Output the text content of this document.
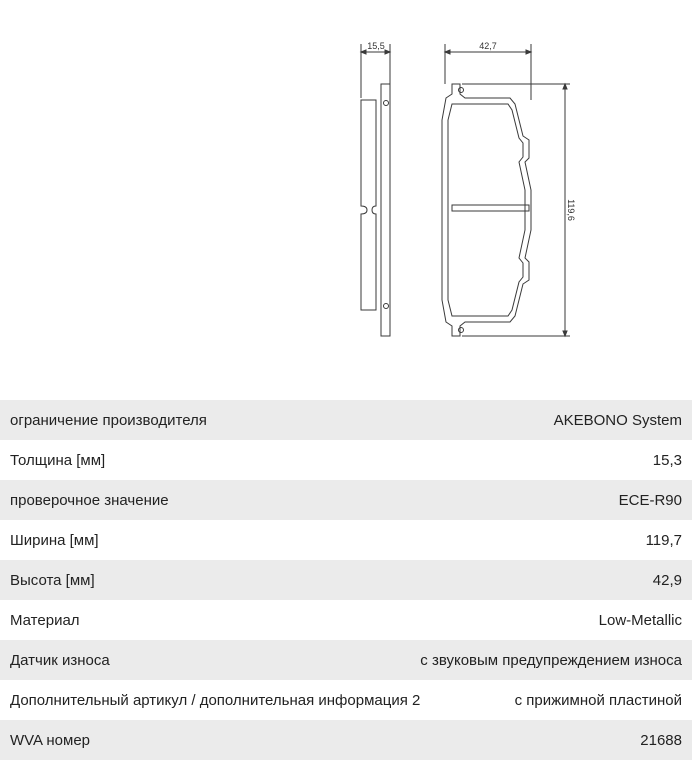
15,5	42,7
119,6
ограничение производителя	AKEBONO System
Толщина [мм]	15,3
проверочное значение	ECE-R90
Ширина [мм]	119,7
Высота [мм]	42,9
Материал	Low-Metallic
Датчик износа	с звуковым предупреждением износа
Дополнительный артикул / дополнительная информация 2	с прижимной пластиной
WVA номер	21688
